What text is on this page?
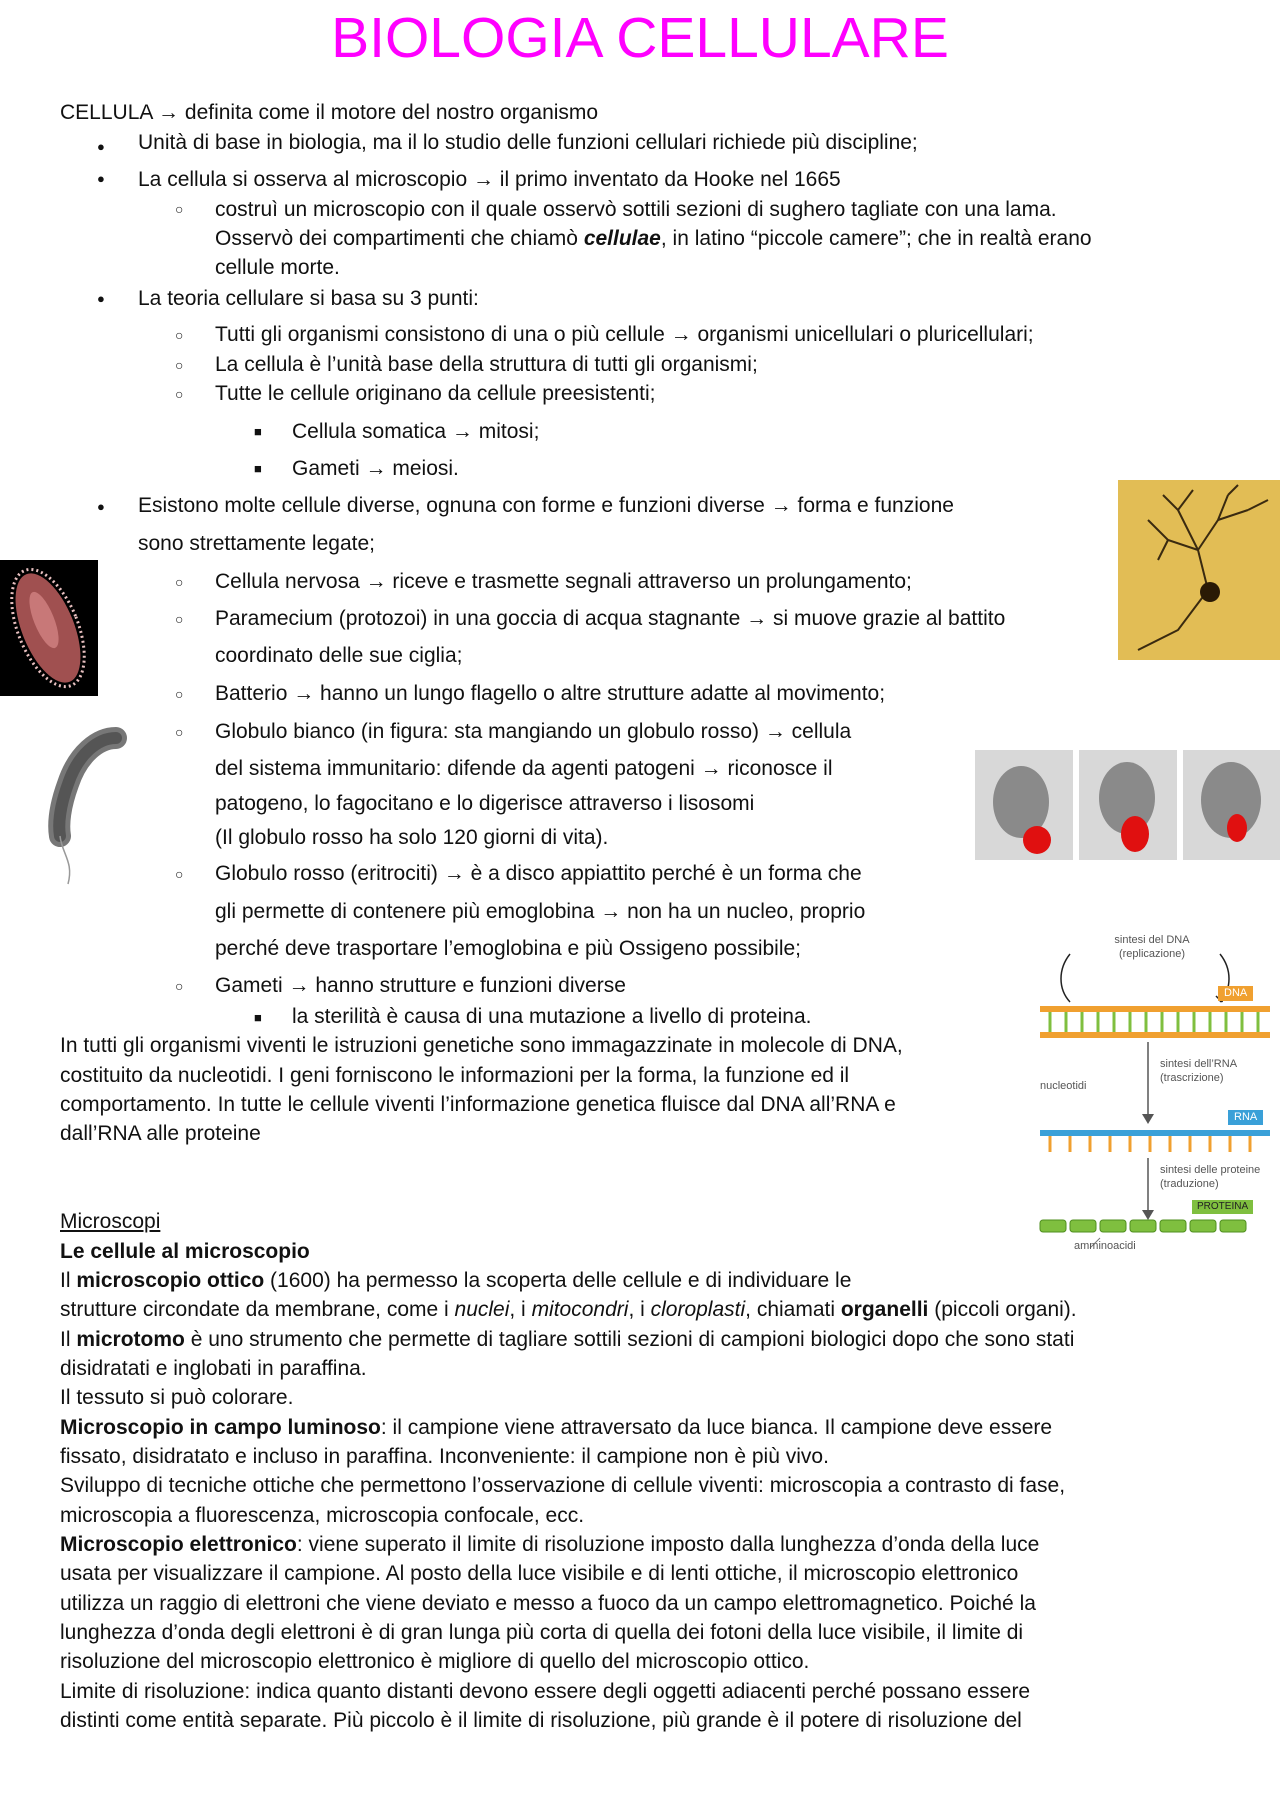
BIOLOGIA CELLULARE
CELLULA → definita come il motore del nostro organismo
●
Unità di base in biologia, ma il lo studio delle funzioni cellulari richiede più discipline;
●
La cellula si osserva al microscopio → il primo inventato da Hooke nel 1665
○
costruì un microscopio con il quale osservò sottili sezioni di sughero tagliate con una lama.
Osservò dei compartimenti che chiamò cellulae, in latino “piccole camere”; che in realtà erano
cellule morte.
●
La teoria cellulare si basa su 3 punti:
○
Tutti gli organismi consistono di una o più cellule → organismi unicellulari o pluricellulari;
○
La cellula è l’unità base della struttura di tutti gli organismi;
○
Tutte le cellule originano da cellule preesistenti;
■
Cellula somatica → mitosi;
■
Gameti → meiosi.
●
Esistono molte cellule diverse, ognuna con forme e funzioni diverse → forma e funzione
sono strettamente legate;
○
Cellula nervosa → riceve e trasmette segnali attraverso un prolungamento;
○
Paramecium (protozoi) in una goccia di acqua stagnante → si muove grazie al battito
coordinato delle sue ciglia;
○
Batterio → hanno un lungo flagello o altre strutture adatte al movimento;
○
Globulo bianco (in figura: sta mangiando un globulo rosso) → cellula
del sistema immunitario: difende da agenti patogeni → riconosce il
patogeno, lo fagocitano e lo digerisce attraverso i lisosomi
(Il globulo rosso ha solo 120 giorni di vita).
○
Globulo rosso (eritrociti) → è a disco appiattito perché è un forma che
gli permette di contenere più emoglobina → non ha un nucleo, proprio
perché deve trasportare l’emoglobina e più Ossigeno possibile;
○
Gameti → hanno strutture e funzioni diverse
■
la sterilità è causa di una mutazione a livello di proteina.
In tutti gli organismi viventi le istruzioni genetiche sono immagazzinate in molecole di DNA,
costituito da nucleotidi. I geni forniscono le informazioni per la forma, la funzione ed il
comportamento. In tutte le cellule viventi l’informazione genetica fluisce dal DNA all’RNA e
dall’RNA alle proteine
Microscopi
Le cellule al microscopio
Il microscopio ottico (1600) ha permesso la scoperta delle cellule e di individuare le
strutture circondate da membrane, come i nuclei, i mitocondri, i cloroplasti, chiamati organelli (piccoli organi).
Il microtomo è uno strumento che permette di tagliare sottili sezioni di campioni biologici dopo che sono stati
disidratati e inglobati in paraffina.
Il tessuto si può colorare.
Microscopio in campo luminoso: il campione viene attraversato da luce bianca. Il campione deve essere
fissato, disidratato e incluso in paraffina. Inconveniente: il campione non è più vivo.
Sviluppo di tecniche ottiche che permettono l’osservazione di cellule viventi: microscopia a contrasto di fase,
microscopia a fluorescenza, microscopia confocale, ecc.
Microscopio elettronico: viene superato il limite di risoluzione imposto dalla lunghezza d’onda della luce
usata per visualizzare il campione. Al posto della luce visibile e di lenti ottiche, il microscopio elettronico
utilizza un raggio di elettroni che viene deviato e messo a fuoco da un campo elettromagnetico. Poiché la
lunghezza d’onda degli elettroni è di gran lunga più corta di quella dei fotoni della luce visibile, il limite di
risoluzione del microscopio elettronico è migliore di quello del microscopio ottico.
Limite di risoluzione: indica quanto distanti devono essere degli oggetti adiacenti perché possano essere
distinti come entità separate. Più piccolo è il limite di risoluzione, più grande è il potere di risoluzione del
sintesi del DNA
(replicazione)
DNA
sintesi dell’RNA
(trascrizione)
nucleotidi
RNA
sintesi delle proteine
(traduzione)
PROTEINA
amminoacidi
